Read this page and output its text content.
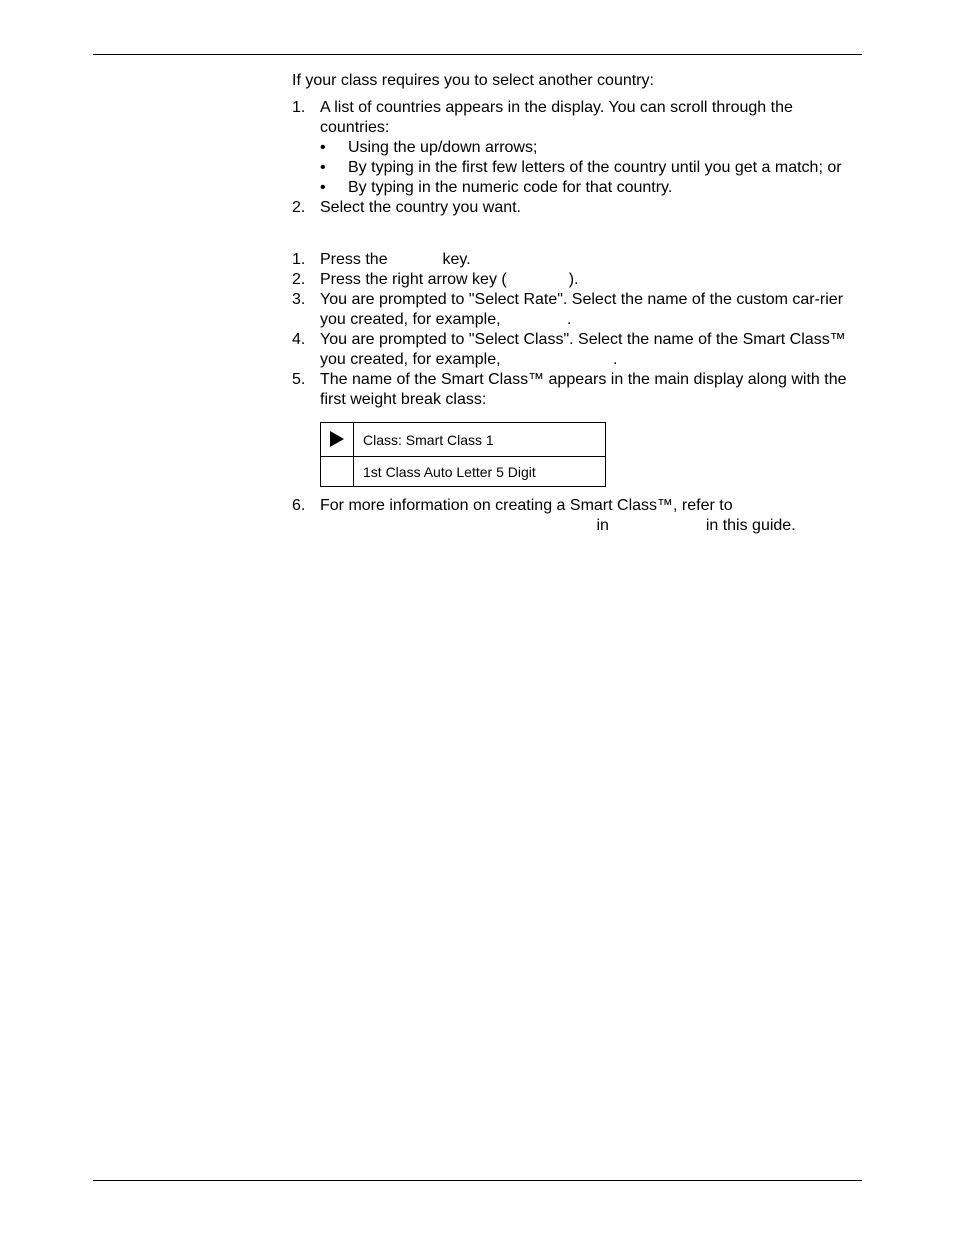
If your class requires you to select another country:

1. A list of countries appears in the display. You can scroll through the countries:
• Using the up/down arrows;
• By typing in the first few letters of the country until you get a match; or
• By typing in the numeric code for that country.
2. Select the country you want.
1. Press the	key.
2. Press the right arrow key (	).
3. You are prompted to "Select Rate". Select the name of the custom car-rier you created, for example,	.
4. You are prompted to "Select Class". Select the name of the Smart Class™ you created, for example,	.
5. The name of the Smart Class™ appears in the main display along with the first weight break class:
	Class: Smart Class 1
	1st Class Auto Letter 5 Digit
6. For more information on creating a Smart Class™, refer to
in	in this guide.
